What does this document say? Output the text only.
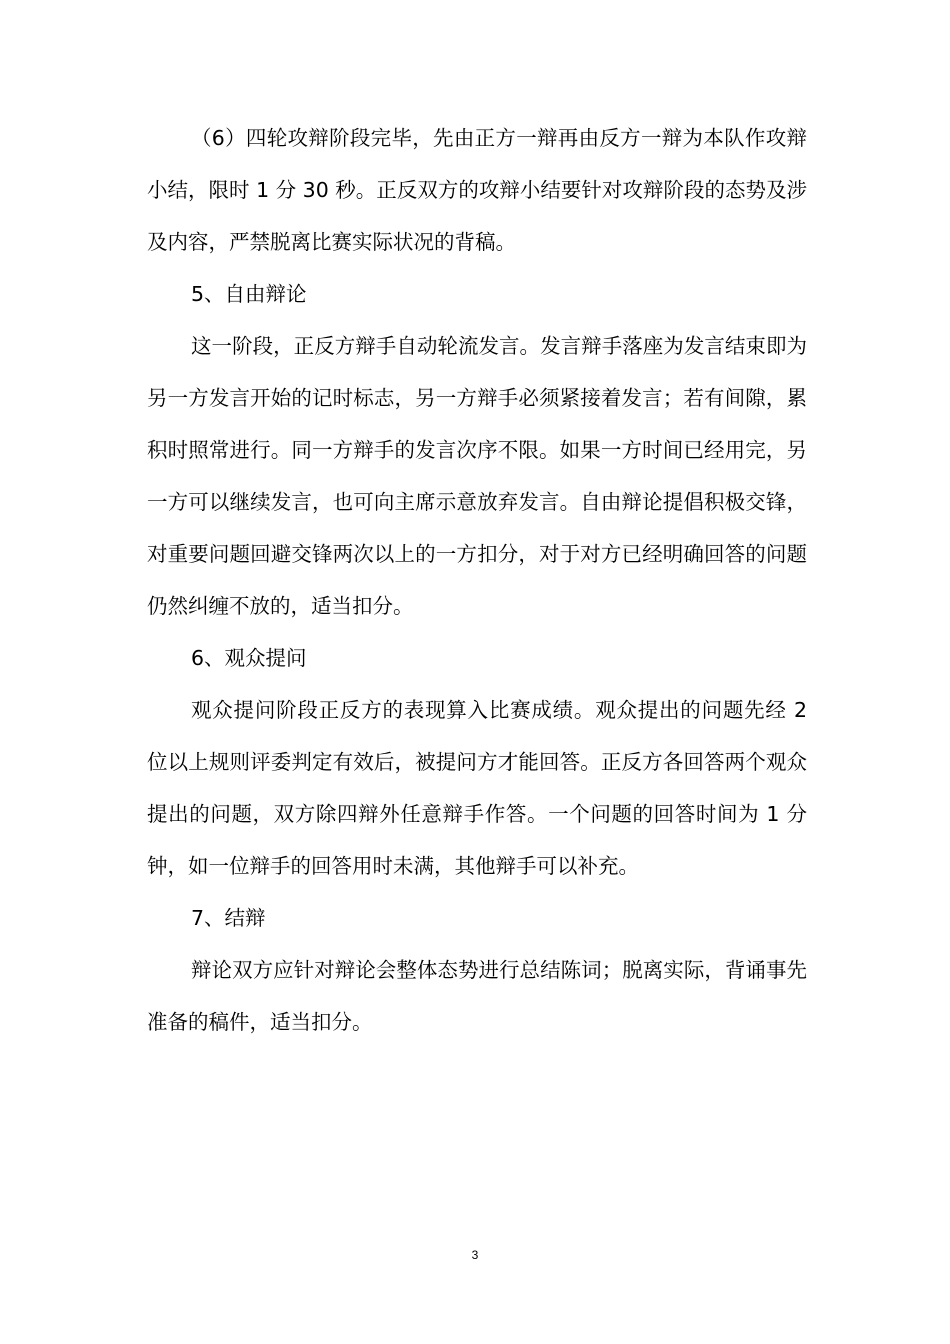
（6）四轮攻辩阶段完毕，先由正方一辩再由反方一辩为本队作攻辩小结，限时 1 分 30 秒。正反双方的攻辩小结要针对攻辩阶段的态势及涉及内容，严禁脱离比赛实际状况的背稿。

5、自由辩论

这一阶段，正反方辩手自动轮流发言。发言辩手落座为发言结束即为另一方发言开始的记时标志，另一方辩手必须紧接着发言；若有间隙，累积时照常进行。同一方辩手的发言次序不限。如果一方时间已经用完，另一方可以继续发言，也可向主席示意放弃发言。自由辩论提倡积极交锋，对重要问题回避交锋两次以上的一方扣分，对于对方已经明确回答的问题仍然纠缠不放的，适当扣分。

6、观众提问

观众提问阶段正反方的表现算入比赛成绩。观众提出的问题先经 2 位以上规则评委判定有效后，被提问方才能回答。正反方各回答两个观众提出的问题，双方除四辩外任意辩手作答。一个问题的回答时间为 1 分钟，如一位辩手的回答用时未满，其他辩手可以补充。

7、结辩

辩论双方应针对辩论会整体态势进行总结陈词；脱离实际，背诵事先准备的稿件，适当扣分。

3
